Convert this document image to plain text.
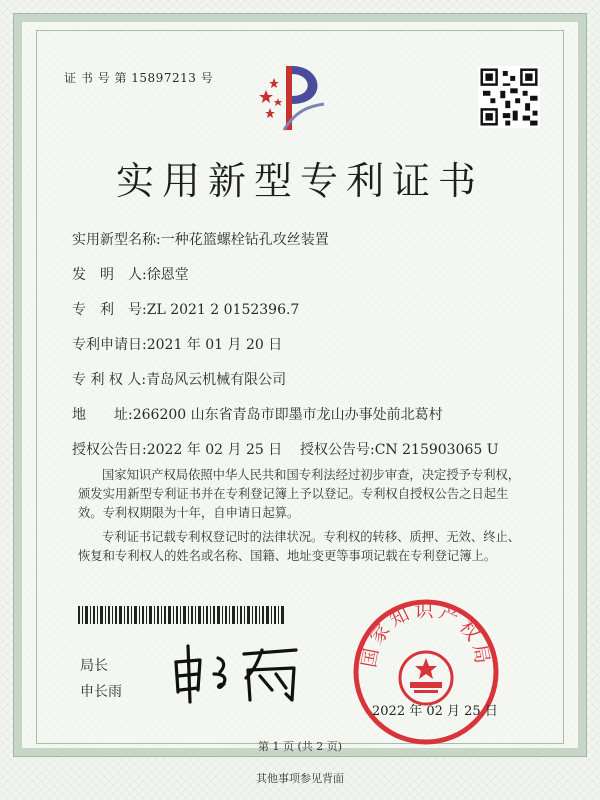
证 书 号 第 15897213 号
实用新型专利证书
实用新型名称:一种花篮螺栓钻孔攻丝装置
发　明　人:徐恩堂
专　利　号:ZL 2021 2 0152396.7
专利申请日:2021 年 01 月 20 日
专 利 权 人:青岛风云机械有限公司
地　　址:266200 山东省青岛市即墨市龙山办事处前北葛村
授权公告日:2022 年 02 月 25 日 授权公告号:CN 215903065 U
国家知识产权局依照中华人民共和国专利法经过初步审查，决定授予专利权，颁发实用新型专利证书并在专利登记簿上予以登记。专利权自授权公告之日起生效。专利权期限为十年，自申请日起算。
专利证书记载专利权登记时的法律状况。专利权的转移、质押、无效、终止、恢复和专利权人的姓名或名称、国籍、地址变更等事项记载在专利登记簿上。
局长
申长雨
国家知识产权局
2022 年 02 月 25 日
第 1 页 (共 2 页)
其他事项参见背面
